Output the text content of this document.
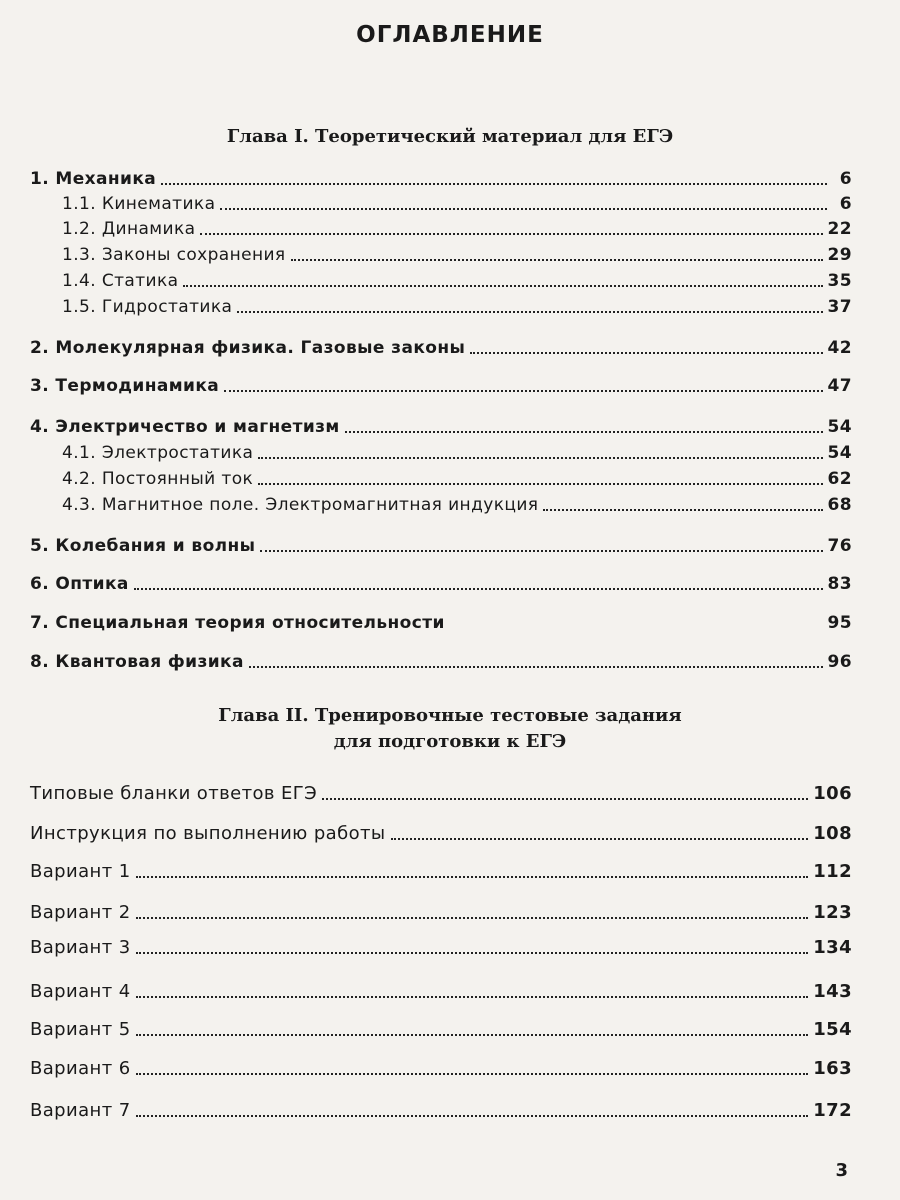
ОГЛАВЛЕНИЕ
Глава I. Теоретический материал для ЕГЭ
1. Механика	6
1.1. Кинематика	6
1.2. Динамика	22
1.3. Законы сохранения	29
1.4. Статика	35
1.5. Гидростатика	37
2. Молекулярная физика. Газовые законы	42
3. Термодинамика	47
4. Электричество и магнетизм	54
4.1. Электростатика	54
4.2. Постоянный ток	62
4.3. Магнитное поле. Электромагнитная индукция	68
5. Колебания и волны	76
6. Оптика	83
7. Специальная теория относительности	95
8. Квантовая физика	96
Глава II. Тренировочные тестовые задания
для подготовки к ЕГЭ
Типовые бланки ответов ЕГЭ	106
Инструкция по выполнению работы	108
Вариант 1	112
Вариант 2	123
Вариант 3	134
Вариант 4	143
Вариант 5	154
Вариант 6	163
Вариант 7	172
3
